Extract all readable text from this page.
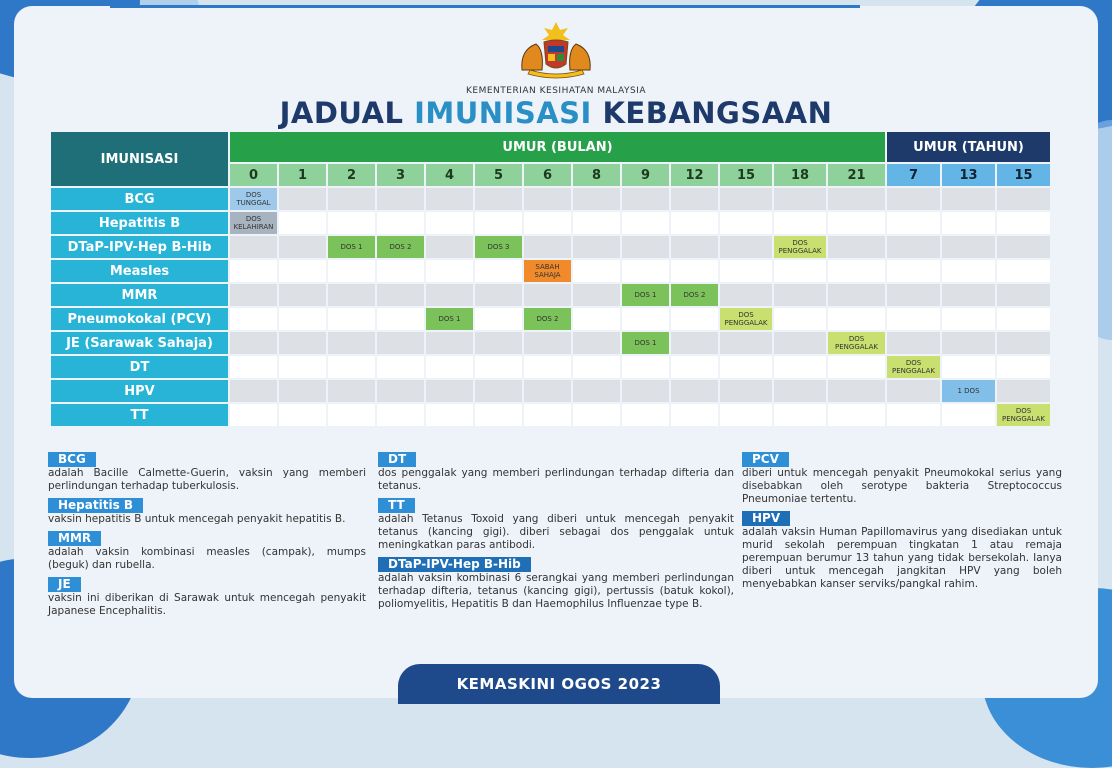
KEMENTERIAN KESIHATAN MALAYSIA
JADUAL IMUNISASI KEBANGSAAN
IMUNISASI	UMUR (BULAN)													UMUR (TAHUN)		
	0	1	2	3	4	5	6	8	9	12	15	18	21	7	13	15
BCG	DOS TUNGGAL															
Hepatitis B	DOS KELAHIRAN															
DTaP-IPV-Hep B-Hib			DOS 1	DOS 2		DOS 3						DOS PENGGALAK				
Measles							SABAH SAHAJA									
MMR									DOS 1	DOS 2						
Pneumokokal (PCV)					DOS 1		DOS 2				DOS PENGGALAK					
JE (Sarawak Sahaja)									DOS 1				DOS PENGGALAK			
DT														DOS PENGGALAK		
HPV															1 DOS	
TT																DOS PENGGALAK
BCG
adalah Bacille Calmette-Guerin, vaksin yang memberi perlindungan terhadap tuberkulosis.
Hepatitis B
vaksin hepatitis B untuk mencegah penyakit hepatitis B.
MMR
adalah vaksin kombinasi measles (campak), mumps (beguk) dan rubella.
JE
vaksin ini diberikan di Sarawak untuk mencegah penyakit Japanese Encephalitis.
DT
dos penggalak yang memberi perlindungan terhadap difteria dan tetanus.
TT
adalah Tetanus Toxoid yang diberi untuk mencegah penyakit tetanus (kancing gigi). diberi sebagai dos penggalak untuk meningkatkan paras antibodi.
DTaP-IPV-Hep B-Hib
adalah vaksin kombinasi 6 serangkai yang memberi perlindungan terhadap difteria, tetanus (kancing gigi), pertussis (batuk kokol), poliomyelitis, Hepatitis B dan Haemophilus Influenzae type B.
PCV
diberi untuk mencegah penyakit Pneumokokal serius yang disebabkan oleh serotype bakteria Streptococcus Pneumoniae tertentu.
HPV
adalah vaksin Human Papillomavirus yang disediakan untuk murid sekolah perempuan tingkatan 1 atau remaja perempuan berumur 13 tahun yang tidak bersekolah. Ianya diberi untuk mencegah jangkitan HPV yang boleh menyebabkan kanser serviks/pangkal rahim.
KEMASKINI OGOS 2023
